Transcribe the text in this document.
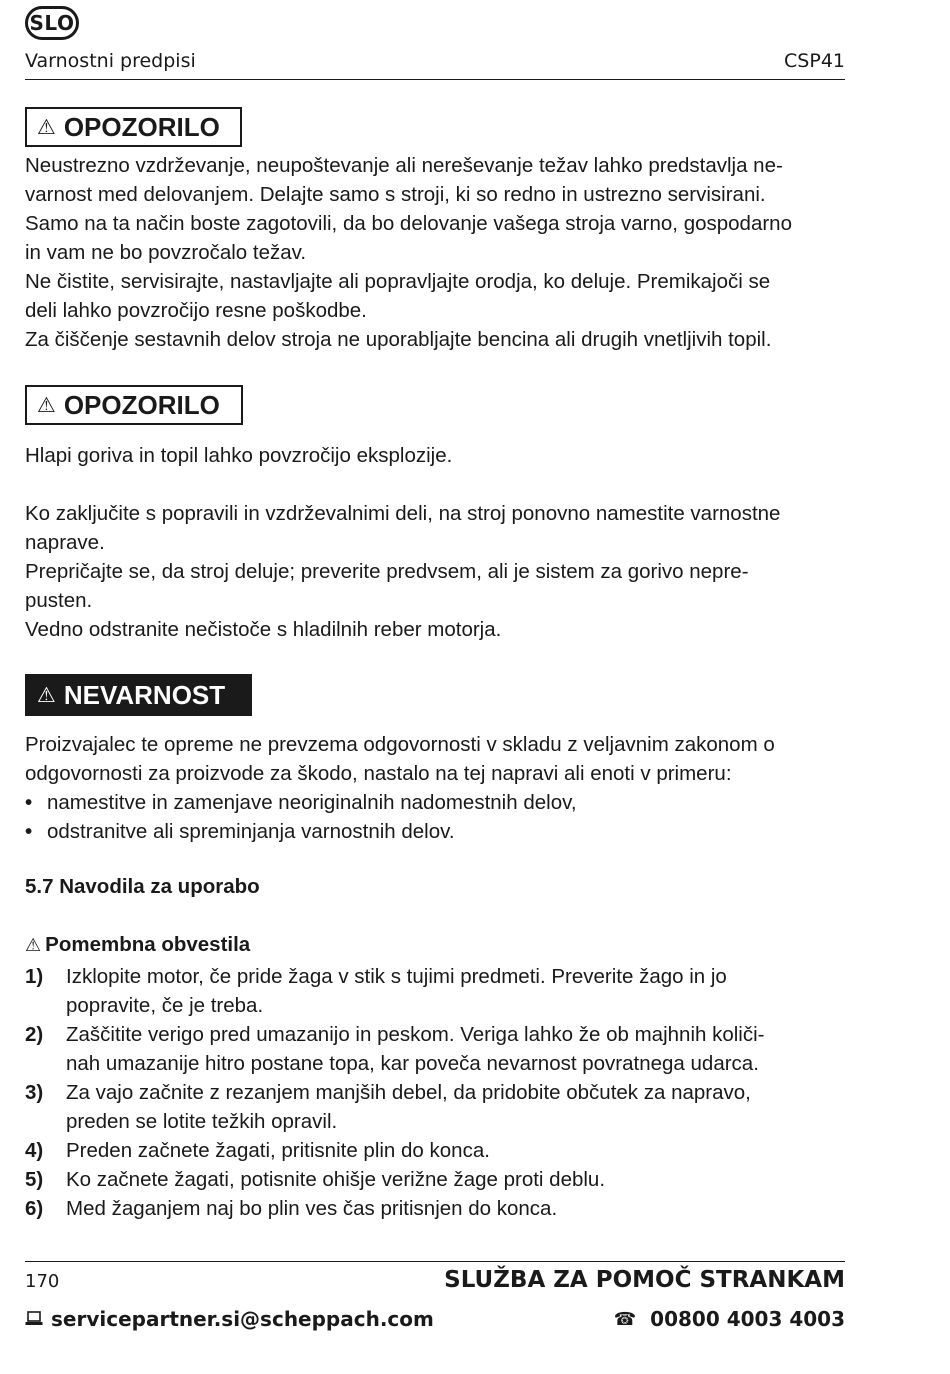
SLO
Varnostni predpisi	CSP41
⚠ OPOZORILO

Neustrezno vzdrževanje, neupoštevanje ali nereševanje težav lahko predstavlja ne-

varnost med delovanjem. Delajte samo s stroji, ki so redno in ustrezno servisirani.

Samo na ta način boste zagotovili, da bo delovanje vašega stroja varno, gospodarno

in vam ne bo povzročalo težav.

Ne čistite, servisirajte, nastavljajte ali popravljajte orodja, ko deluje. Premikajoči se

deli lahko povzročijo resne poškodbe.

Za čiščenje sestavnih delov stroja ne uporabljajte bencina ali drugih vnetljivih topil.

⚠ OPOZORILO

Hlapi goriva in topil lahko povzročijo eksplozije.

Ko zaključite s popravili in vzdrževalnimi deli, na stroj ponovno namestite varnostne

naprave.

Prepričajte se, da stroj deluje; preverite predvsem, ali je sistem za gorivo nepre-

pusten.

Vedno odstranite nečistoče s hladilnih reber motorja.

⚠ NEVARNOST

Proizvajalec te opreme ne prevzema odgovornosti v skladu z veljavnim zakonom o

odgovornosti za proizvode za škodo, nastalo na tej napravi ali enoti v primeru:

• namestitve in zamenjave neoriginalnih nadomestnih delov,
• odstranitve ali spreminjanja varnostnih delov.
5.7 Navodila za uporabo
⚠ Pomembna obvestila
1) Izklopite motor, če pride žaga v stik s tujimi predmeti. Preverite žago in jo
popravite, če je treba.
2) Zaščitite verigo pred umazanijo in peskom. Veriga lahko že ob majhnih količi-
nah umazanije hitro postane topa, kar poveča nevarnost povratnega udarca.
3) Za vajo začnite z rezanjem manjših debel, da pridobite občutek za napravo,
preden se lotite težkih opravil.
4) Preden začnete žagati, pritisnite plin do konca.
5) Ko začnete žagati, potisnite ohišje verižne žage proti deblu.
6) Med žaganjem naj bo plin ves čas pritisnjen do konca.
170	SLUŽBA ZA POMOČ STRANKAM
servicepartner.si@scheppach.com	☎ 00800 4003 4003
